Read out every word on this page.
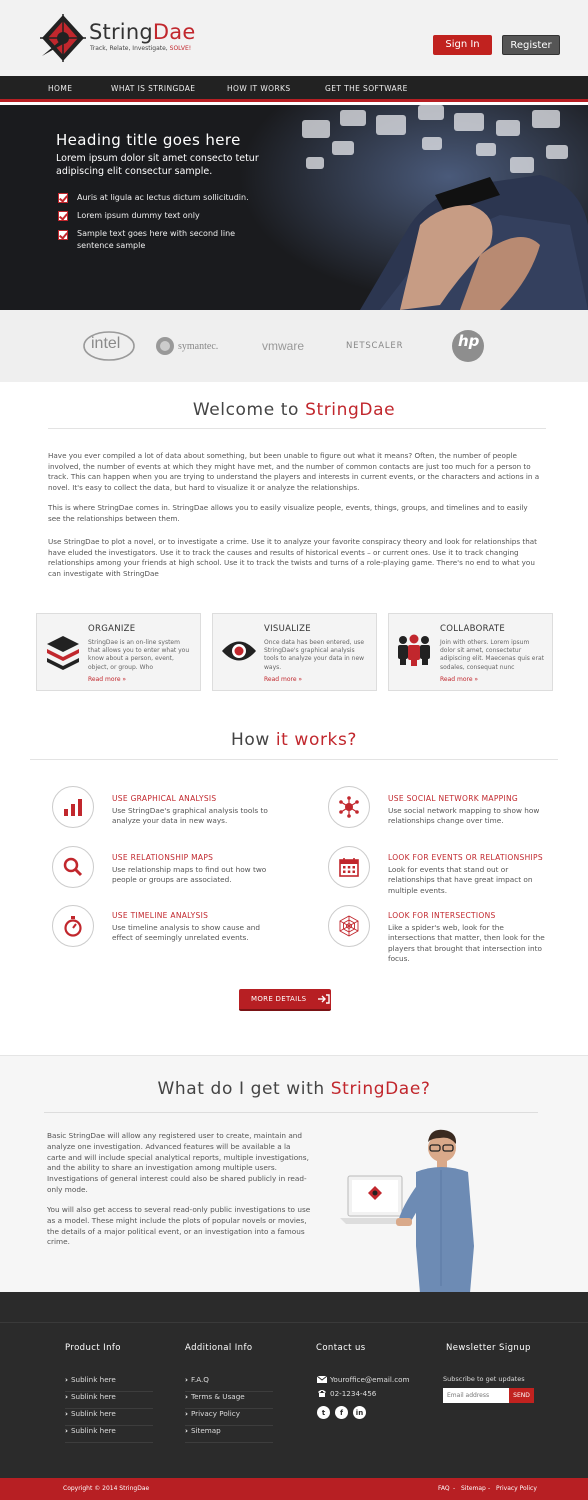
StringDae
Track, Relate, Investigate, SOLVE!	Sign In	Register
HOME	WHAT IS STRINGDAE	HOW IT WORKS	GET THE SOFTWARE
Heading title goes here
Lorem ipsum dolor sit amet consecto tetur adipiscing elit consectur sample.
Auris at ligula ac lectus dictum sollicitudin.
Lorem ipsum dummy text only
Sample text goes here with second line sentence sample
intel	symantec.	vmware	NETSCALER	hp
Welcome to StringDae

Have you ever compiled a lot of data about something, but been unable to figure out what it means? Often, the number of people involved, the number of events at which they might have met, and the number of common contacts are just too much for a person to track. This can happen when you are trying to understand the players and interests in current events, or the characters and actions in a novel. It's easy to collect the data, but hard to visualize it or analyze the relationships.

This is where StringDae comes in. StringDae allows you to easily visualize people, events, things, groups, and timelines and to easily see the relationships between them.

Use StringDae to plot a novel, or to investigate a crime. Use it to analyze your favorite conspiracy theory and look for relationships that have eluded the investigators. Use it to track the causes and results of historical events – or current ones. Use it to track changing relationships among your friends at high school. Use it to track the twists and turns of a role-playing game. There's no end to what you can investigate with StringDae

ORGANIZE
StringDae is an on-line system that allows you to enter what you know about a person, event, object, or group. Who
Read more »
VISUALIZE
Once data has been entered, use StringDae's graphical analysis tools to analyze your data in new ways.
Read more »
COLLABORATE
Join with others. Lorem ipsum dolor sit amet, consectetur adipiscing elit. Maecenas quis erat sodales, consequat nunc
Read more »
How it works?
USE GRAPHICAL ANALYSIS
Use StringDae's graphical analysis tools to analyze your data in new ways.
USE SOCIAL NETWORK MAPPING
Use social network mapping to show how relationships change over time.
USE RELATIONSHIP MAPS
Use relationship maps to find out how two people or groups are associated.
LOOK FOR EVENTS OR RELATIONSHIPS
Look for events that stand out or relationships that have great impact on multiple events.
USE TIMELINE ANALYSIS
Use timeline analysis to show cause and effect of seemingly unrelated events.
LOOK FOR INTERSECTIONS
Like a spider's web, look for the intersections that matter, then look for the players that brought that intersection into focus.
MORE DETAILS
What do I get with StringDae?

Basic StringDae will allow any registered user to create, maintain and analyze one investigation. Advanced features will be available a la carte and will include special analytical reports, multiple investigations, and the ability to share an investigation among multiple users. Investigations of general interest could also be shared publicly in read-only mode.

You will also get access to several read-only public investigations to use as a model. These might include the plots of popular novels or movies, the details of a major political event, or an investigation into a famous crime.

Product Info
› Sublink here
› Sublink here
› Sublink here
› Sublink here
Additional Info
› F.A.Q
› Terms & Usage
› Privacy Policy
› Sitemap
Contact us
Youroffice@email.com
02-1234-456
t	f	in
Newsletter Signup
Subscribe to get updates
Email address
SEND
Copyright © 2014 StringDae	FAQ - Sitemap - Privacy Policy
